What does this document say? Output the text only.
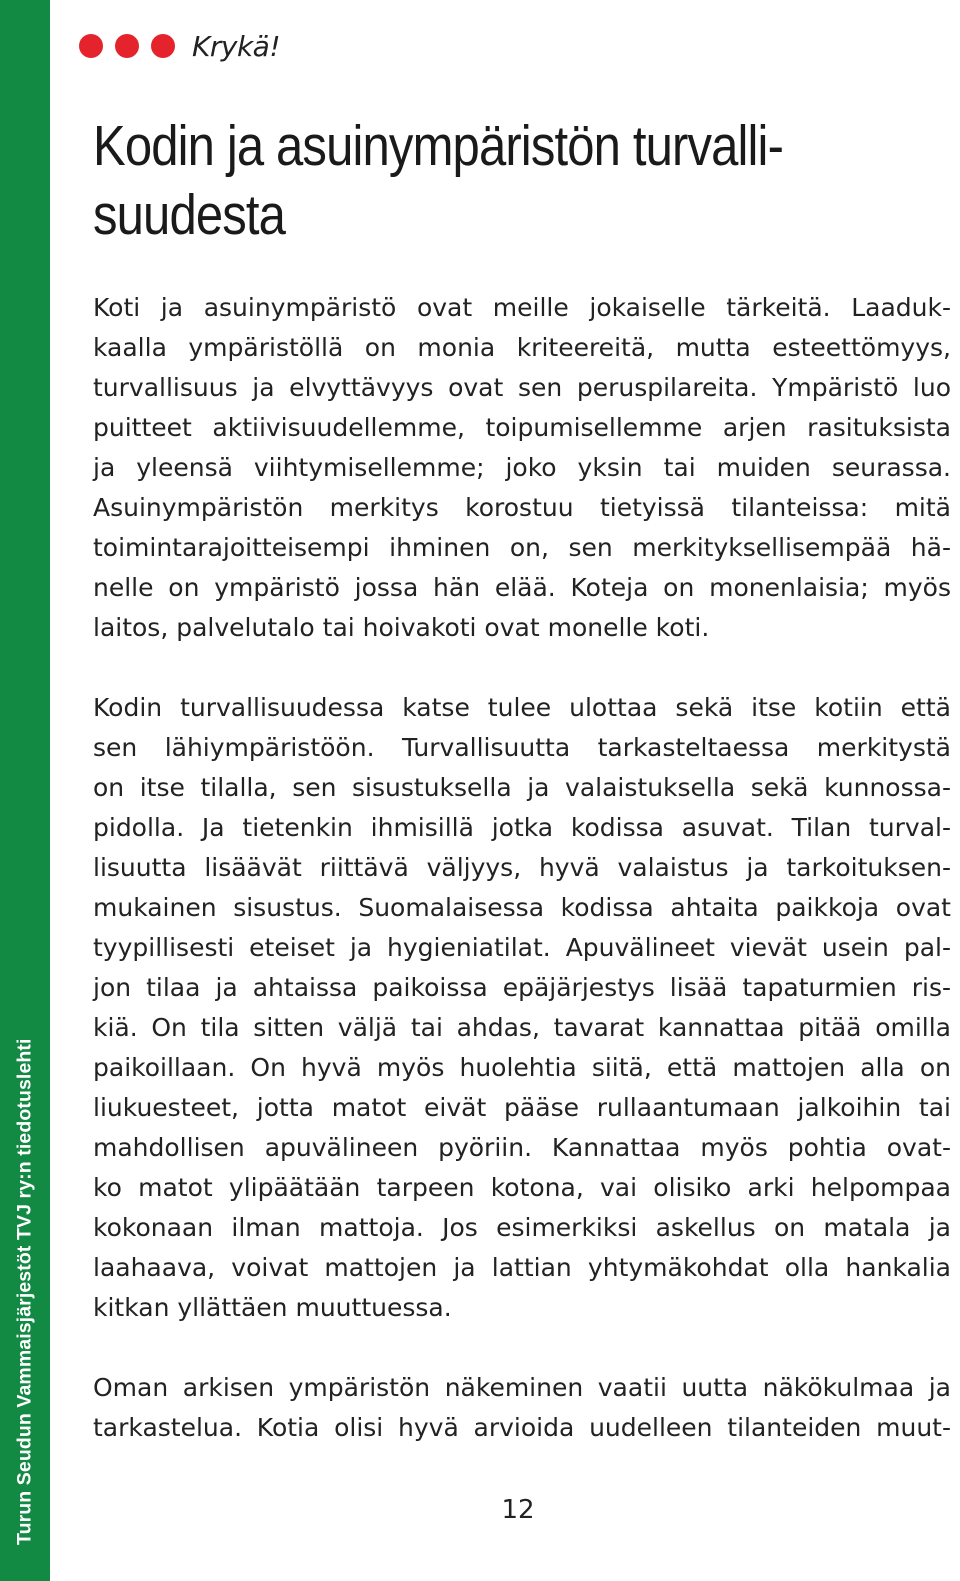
Turun Seudun Vammaisjärjestöt TVJ ry:n tiedotuslehti
Krykä!
Kodin ja asuinympäristön turvalli-
suudesta
Koti ja asuinympäristö ovat meille jokaiselle tärkeitä. Laaduk-
kaalla ympäristöllä on monia kriteereitä, mutta esteettömyys,
turvallisuus ja elvyttävyys ovat sen peruspilareita. Ympäristö luo
puitteet aktiivisuudellemme, toipumisellemme arjen rasituksista
ja yleensä viihtymisellemme; joko yksin tai muiden seurassa.
Asuinympäristön merkitys korostuu tietyissä tilanteissa: mitä
toimintarajoitteisempi ihminen on, sen merkityksellisempää hä-
nelle on ympäristö jossa hän elää. Koteja on monenlaisia; myös
laitos, palvelutalo tai hoivakoti ovat monelle koti.
Kodin turvallisuudessa katse tulee ulottaa sekä itse kotiin että
sen lähiympäristöön. Turvallisuutta tarkasteltaessa merkitystä
on itse tilalla, sen sisustuksella ja valaistuksella sekä kunnossa-
pidolla. Ja tietenkin ihmisillä jotka kodissa asuvat. Tilan turval-
lisuutta lisäävät riittävä väljyys, hyvä valaistus ja tarkoituksen-
mukainen sisustus. Suomalaisessa kodissa ahtaita paikkoja ovat
tyypillisesti eteiset ja hygieniatilat. Apuvälineet vievät usein pal-
jon tilaa ja ahtaissa paikoissa epäjärjestys lisää tapaturmien ris-
kiä. On tila sitten väljä tai ahdas, tavarat kannattaa pitää omilla
paikoillaan. On hyvä myös huolehtia siitä, että mattojen alla on
liukuesteet, jotta matot eivät pääse rullaantumaan jalkoihin tai
mahdollisen apuvälineen pyöriin. Kannattaa myös pohtia ovat-
ko matot ylipäätään tarpeen kotona, vai olisiko arki helpompaa
kokonaan ilman mattoja. Jos esimerkiksi askellus on matala ja
laahaava, voivat mattojen ja lattian yhtymäkohdat olla hankalia
kitkan yllättäen muuttuessa.
Oman arkisen ympäristön näkeminen vaatii uutta näkökulmaa ja
tarkastelua. Kotia olisi hyvä arvioida uudelleen tilanteiden muut-
12
